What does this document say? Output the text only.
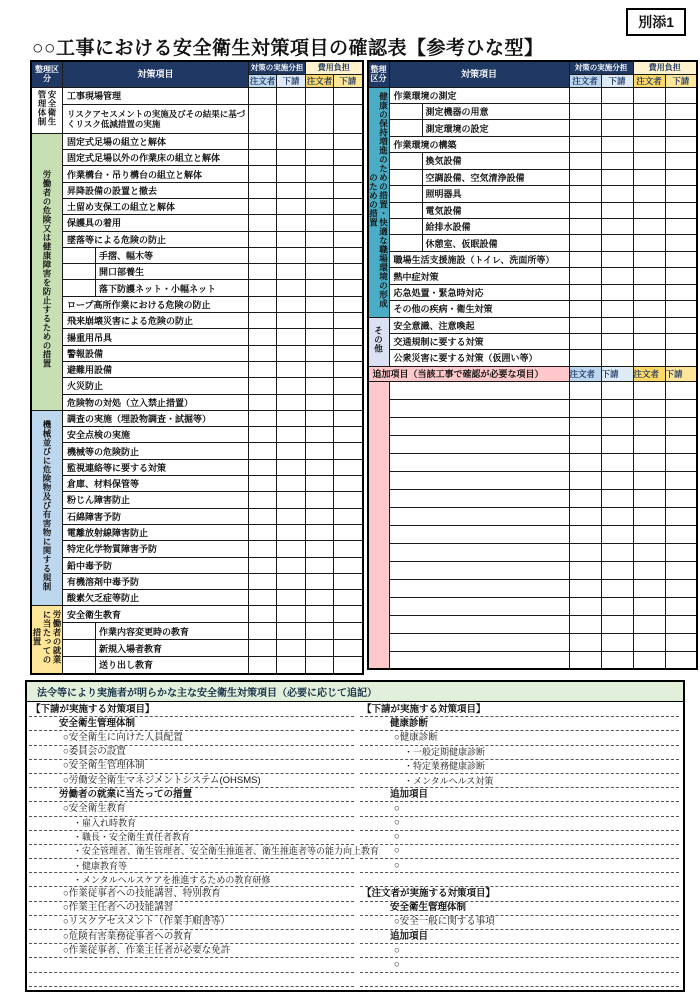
別添1
○○工事における安全衛生対策項目の確認表【参考ひな型】
整理区分	対策項目	対策の実施分担		費用負担	
		注文者	下請	注文者	下請
安全衛生管理体制	工事現場管理				
	リスクアセスメントの実施及びその結果に基づくリスク低減措置の実施				
労働者の危険又は健康障害を防止するための措置	固定式足場の組立と解体				
	固定式足場以外の作業床の組立と解体				
	作業構台・吊り構台の組立と解体				
	昇降設備の設置と撤去				
	土留め支保工の組立と解体				
	保護具の着用				
	墜落等による危険の防止				
	手摺、幅木等				
	開口部養生				
	落下防護ネット・小幅ネット				
	ロープ高所作業における危険の防止				
	飛来崩壊災害による危険の防止				
	揚重用吊具				
	警報設備				
	避難用設備				
	火災防止				
	危険物の対処（立入禁止措置）				
機械並びに危険物及び有害物に関する規制	調査の実施（埋設物調査・試掘等）				
	安全点検の実施				
	機械等の危険防止				
	監視連絡等に要する対策				
	倉庫、材料保管等				
	粉じん障害防止				
	石綿障害予防				
	電離放射線障害防止				
	特定化学物質障害予防				
	鉛中毒予防				
	有機溶剤中毒予防				
	酸素欠乏症等防止				
労働者の就業に当たっての措置	安全衛生教育				
	作業内容変更時の教育				
	新規入場者教育				
	送り出し教育				
整理区分	対策項目	対策の実施分担		費用負担	
		注文者	下請	注文者	下請
健康の保持増進のための措置・快適な職場環境の形成のための措置	作業環境の測定				
	測定機器の用意				
	測定環境の設定				
	作業環境の構築				
	換気設備				
	空調設備、空気清浄設備				
	照明器具				
	電気設備				
	給排水設備				
	休憩室、仮眠設備				
	職場生活支援施設（トイレ、洗面所等）				
	熱中症対策				
	応急処置・緊急時対応				
	その他の疾病・衛生対策				
その他	安全意識、注意喚起				
	交通規制に要する対策				
	公衆災害に要する対策（仮囲い等）				
追加項目（当該工事で確認が必要な項目）		注文者	下請	注文者	下請

法令等により実施者が明らかな主な安全衛生対策項目（必要に応じて追記）
【下請が実施する対策項目】
安全衛生管理体制
○安全衛生に向けた人員配置
○委員会の設置
○安全衛生管理体制
○労働安全衛生マネジメントシステム(OHSMS)
労働者の就業に当たっての措置
○安全衛生教育
・雇入れ時教育
・職長・安全衛生責任者教育
・安全管理者、衛生管理者、安全衛生推進者、衛生推進者等の能力向上教育
・健康教育等
・メンタルヘルスケアを推進するための教育研修
○作業従事者への技能講習、特別教育
○作業主任者への技能講習
○リスクアセスメント（作業手順書等）
○危険有害業務従事者への教育
○作業従事者、作業主任者が必要な免許
【下請が実施する対策項目】
健康診断
○健康診断
・一般定期健康診断
・特定業務健康診断
・メンタルヘルス対策
追加項目
○
○
○
○
○
【注文者が実施する対策項目】
安全衛生管理体制
○安全一般に関する事項
追加項目
○
○
